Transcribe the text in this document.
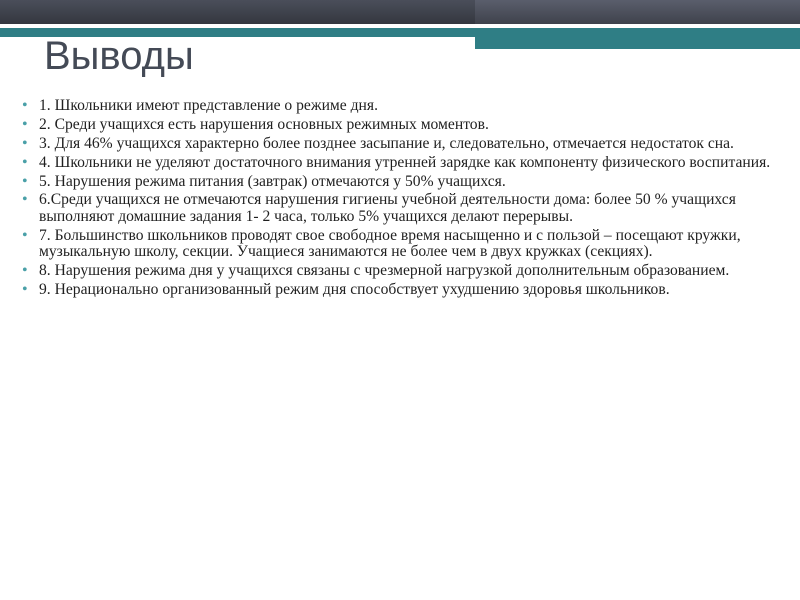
Выводы
• 1. Школьники имеют представление о режиме дня.
• 2. Среди учащихся есть нарушения основных режимных моментов.
• 3. Для 46% учащихся характерно более позднее засыпание и, следовательно, отмечается недостаток сна.
• 4. Школьники не уделяют достаточного внимания утренней зарядке как компоненту физического воспитания.
• 5. Нарушения режима питания (завтрак) отмечаются у 50% учащихся.
• 6.Среди учащихся не отмечаются нарушения гигиены учебной деятельности дома: более 50 % учащихся выполняют домашние задания 1- 2 часа, только 5% учащихся делают перерывы.
• 7. Большинство школьников проводят свое свободное время насыщенно и с пользой – посещают кружки, музыкальную школу, секции. Учащиеся занимаются не более чем в двух кружках (секциях).
• 8. Нарушения режима дня у учащихся связаны с чрезмерной нагрузкой дополнительным образованием.
• 9. Нерационально организованный режим дня способствует ухудшению здоровья школьников.
